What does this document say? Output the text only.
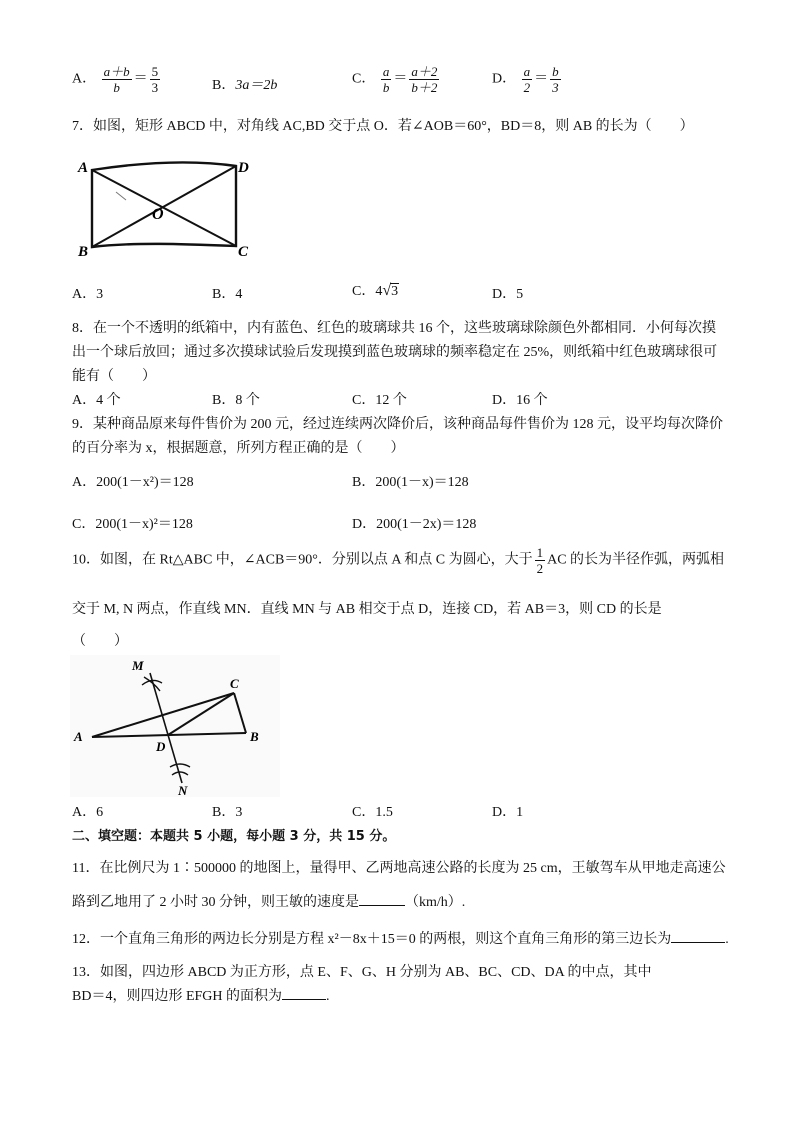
A． $\frac{a+b}{b} = \frac{5}{3}$	B．3a＝2b	C． $\frac{a}{b} = \frac{a+2}{b+2}$	D． $\frac{a}{2} = \frac{b}{3}$
7．如图，矩形 ABCD 中，对角线 AC,BD 交于点 O．若∠AOB＝60°，BD＝8，则 AB 的长为（　　）
A	D
B	C
O
A．3	B．4	C．4√3	D．5
8．在一个不透明的纸箱中，内有蓝色、红色的玻璃球共 16 个，这些玻璃球除颜色外都相同．小何每次摸
出一个球后放回；通过多次摸球试验后发现摸到蓝色玻璃球的频率稳定在 25%，则纸箱中红色玻璃球很可
能有（　　）
A．4 个	B．8 个	C．12 个	D．16 个
9．某种商品原来每件售价为 200 元，经过连续两次降价后，该种商品每件售价为 128 元，设平均每次降价
的百分率为 x，根据题意，所列方程正确的是（　　）
A．200(1－x²)＝128	B．200(1－x)＝128
C．200(1－x)²＝128	D．200(1－2x)＝128
10．如图，在 Rt△ABC 中，∠ACB＝90°．分别以点 A 和点 C 为圆心，大于 $\frac{1}{2}$ AC 的长为半径作弧，两弧相
交于 M, N 两点，作直线 MN．直线 MN 与 AB 相交于点 D，连接 CD，若 AB＝3，则 CD 的长是
（　　）
M
N
A	B
C
D
A．6	B．3	C．1.5	D．1
二、填空题：本题共 5 小题，每小题 3 分，共 15 分。
11．在比例尺为 1∶500000 的地图上，量得甲、乙两地高速公路的长度为 25 cm，王敏驾车从甲地走高速公
路到乙地用了 2 小时 30 分钟，则王敏的速度是	（km/h）.
12．一个直角三角形的两边长分别是方程 x²－8x＋15＝0 的两根，则这个直角三角形的第三边长为	.
13．如图，四边形 ABCD 为正方形，点 E、F、G、H 分别为 AB、BC、CD、DA 的中点，其中
BD＝4，则四边形 EFGH 的面积为	.
